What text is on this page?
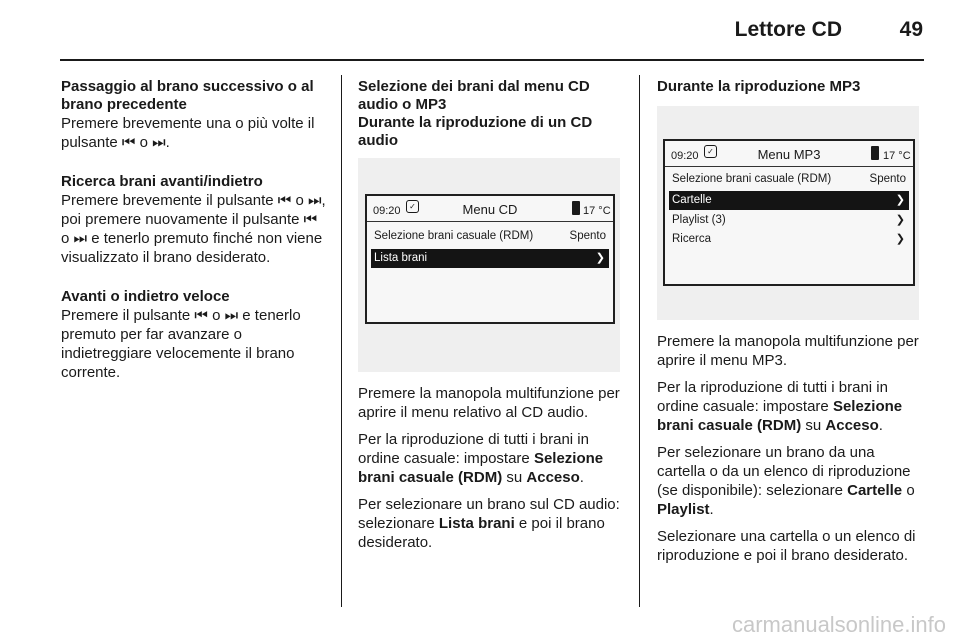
Lettore CD	49
Passaggio al brano successivo o al brano precedente

Premere brevemente una o più volte il pulsante ⏮ o ⏭.

Ricerca brani avanti/indietro

Premere brevemente il pulsante ⏮ o ⏭, poi premere nuovamente il pulsante ⏮ o ⏭ e tenerlo premuto finché non viene visualizzato il brano desiderato.

Avanti o indietro veloce

Premere il pulsante ⏮ o ⏭ e tenerlo premuto per far avanzare o indietreggiare velocemente il brano corrente.

Selezione dei brani dal menu CD audio o MP3
Durante la riproduzione di un CD audio
09:20	✓	Menu CD	17 °C
Selezione brani casuale (RDM)	Spento
Lista brani	❯

Premere la manopola multifunzione per aprire il menu relativo al CD audio.

Per la riproduzione di tutti i brani in ordine casuale: impostare Selezione brani casuale (RDM) su Acceso.

Per selezionare un brano sul CD audio: selezionare Lista brani e poi il brano desiderato.

Durante la riproduzione MP3
09:20	✓	Menu MP3	17 °C
Selezione brani casuale (RDM)	Spento
Cartelle	❯
Playlist (3)	❯
Ricerca	❯

Premere la manopola multifunzione per aprire il menu MP3.

Per la riproduzione di tutti i brani in ordine casuale: impostare Selezione brani casuale (RDM) su Acceso.

Per selezionare un brano da una cartella o da un elenco di riproduzione (se disponibile): selezionare Cartelle o Playlist.

Selezionare una cartella o un elenco di riproduzione e poi il brano desiderato.

carmanualsonline.info
